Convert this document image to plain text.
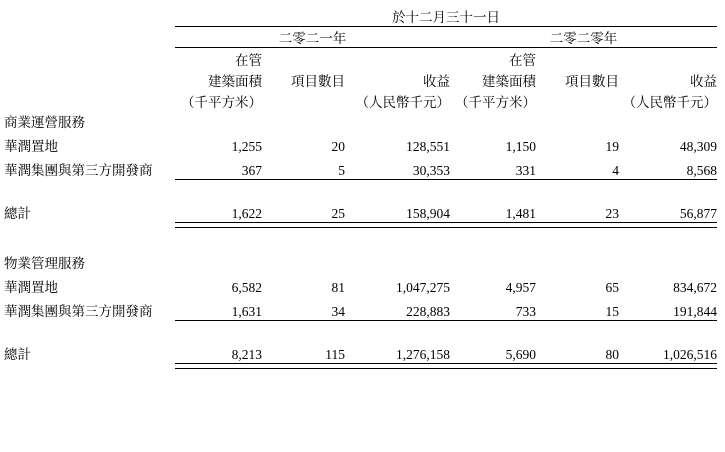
	於十二月三十一日					
	二零二一年			二零二零年		
	在管			在管		
	建築面積	項目數目	收益	建築面積	項目數目	收益
	（千平方米）		（人民幣千元）	（千平方米）		（人民幣千元）
商業運營服務						
華潤置地	1,255	20	128,551	1,150	19	48,309
華潤集團與第三方開發商	367	5	30,353	331	4	8,568

總計	1,622	25	158,904	1,481	23	56,877

物業管理服務						
華潤置地	6,582	81	1,047,275	4,957	65	834,672
華潤集團與第三方開發商	1,631	34	228,883	733	15	191,844

總計	8,213	115	1,276,158	5,690	80	1,026,516
